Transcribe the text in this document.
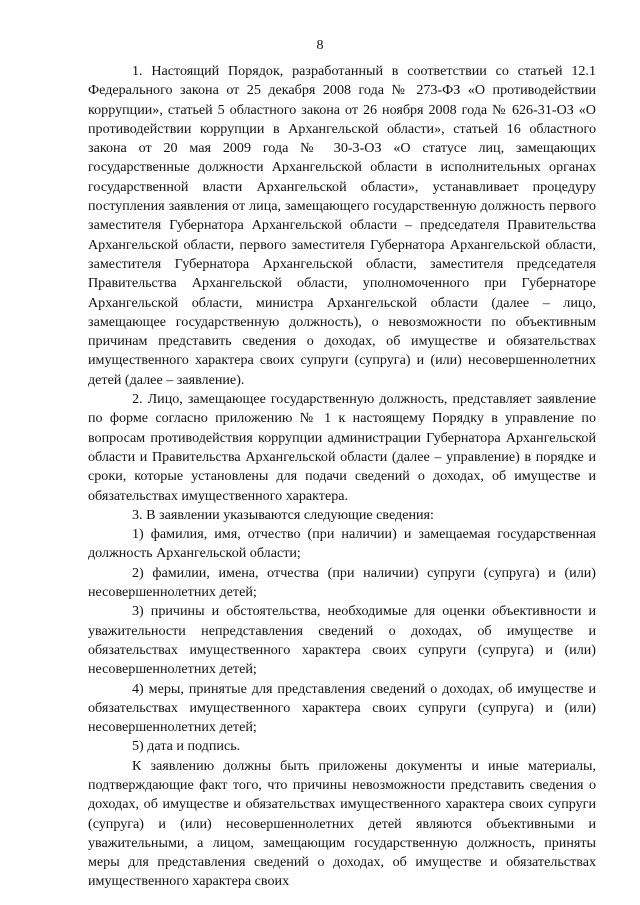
8

1. Настоящий Порядок, разработанный в соответствии со статьей 12.1 Федерального закона от 25 декабря 2008 года № 273-ФЗ «О противодействии коррупции», статьей 5 областного закона от 26 ноября 2008 года № 626-31-ОЗ «О противодействии коррупции в Архангельской области», статьей 16 областного закона от 20 мая 2009 года № 30-3-ОЗ «О статусе лиц, замещающих государственные должности Архангельской области в исполнительных органах государственной власти Архангельской области», устанавливает процедуру поступления заявления от лица, замещающего государственную должность первого заместителя Губернатора Архангельской области – председателя Правительства Архангельской области, первого заместителя Губернатора Архангельской области, заместителя Губернатора Архангельской области, заместителя председателя Правительства Архангельской области, уполномоченного при Губернаторе Архангельской области, министра Архангельской области (далее – лицо, замещающее государственную должность), о невозможности по объективным причинам представить сведения о доходах, об имуществе и обязательствах имущественного характера своих супруги (супруга) и (или) несовершеннолетних детей (далее – заявление).

2. Лицо, замещающее государственную должность, представляет заявление по форме согласно приложению № 1 к настоящему Порядку в управление по вопросам противодействия коррупции администрации Губернатора Архангельской области и Правительства Архангельской области (далее – управление) в порядке и сроки, которые установлены для подачи сведений о доходах, об имуществе и обязательствах имущественного характера.

3. В заявлении указываются следующие сведения:

1) фамилия, имя, отчество (при наличии) и замещаемая государственная должность Архангельской области;

2) фамилии, имена, отчества (при наличии) супруги (супруга) и (или) несовершеннолетних детей;

3) причины и обстоятельства, необходимые для оценки объективности и уважительности непредставления сведений о доходах, об имуществе и обязательствах имущественного характера своих супруги (супруга) и (или) несовершеннолетних детей;

4) меры, принятые для представления сведений о доходах, об имуществе и обязательствах имущественного характера своих супруги (супруга) и (или) несовершеннолетних детей;

5) дата и подпись.

К заявлению должны быть приложены документы и иные материалы, подтверждающие факт того, что причины невозможности представить сведения о доходах, об имуществе и обязательствах имущественного характера своих супруги (супруга) и (или) несовершеннолетних детей являются объективными и уважительными, а лицом, замещающим государственную должность, приняты меры для представления сведений о доходах, об имуществе и обязательствах имущественного характера своих
